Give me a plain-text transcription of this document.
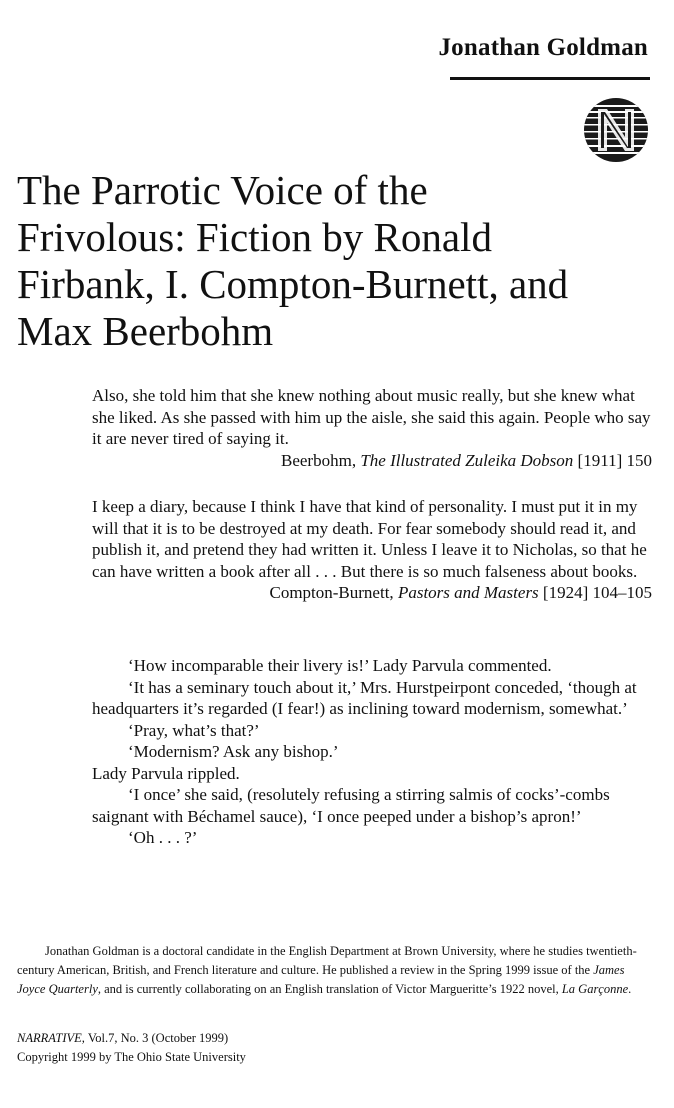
Jonathan Goldman
The Parrotic Voice of the
Frivolous: Fiction by Ronald
Firbank, I. Compton-Burnett, and
Max Beerbohm

Also, she told him that she knew nothing about music really, but she knew what she liked. As she passed with him up the aisle, she said this again. People who say it are never tired of saying it.

Beerbohm, The Illustrated Zuleika Dobson [1911] 150

I keep a diary, because I think I have that kind of personality. I must put it in my will that it is to be destroyed at my death. For fear somebody should read it, and publish it, and pretend they had written it. Unless I leave it to Nicholas, so that he can have written a book after all . . . But there is so much falseness about books.

Compton-Burnett, Pastors and Masters [1924] 104–105

‘How incomparable their livery is!’ Lady Parvula commented.

‘It has a seminary touch about it,’ Mrs. Hurstpeirpont conceded, ‘though at headquarters it’s regarded (I fear!) as inclining toward modernism, somewhat.’

‘Pray, what’s that?’

‘Modernism? Ask any bishop.’

Lady Parvula rippled.

‘I once’ she said, (resolutely refusing a stirring salmis of cocks’-combs saignant with Béchamel sauce), ‘I once peeped under a bishop’s apron!’

‘Oh . . . ?’

Jonathan Goldman is a doctoral candidate in the English Department at Brown University, where he studies twentieth-century American, British, and French literature and culture. He published a review in the Spring 1999 issue of the James Joyce Quarterly, and is currently collaborating on an English translation of Victor Margueritte’s 1922 novel, La Garçonne.

NARRATIVE, Vol.7, No. 3 (October 1999)

Copyright 1999 by The Ohio State University
